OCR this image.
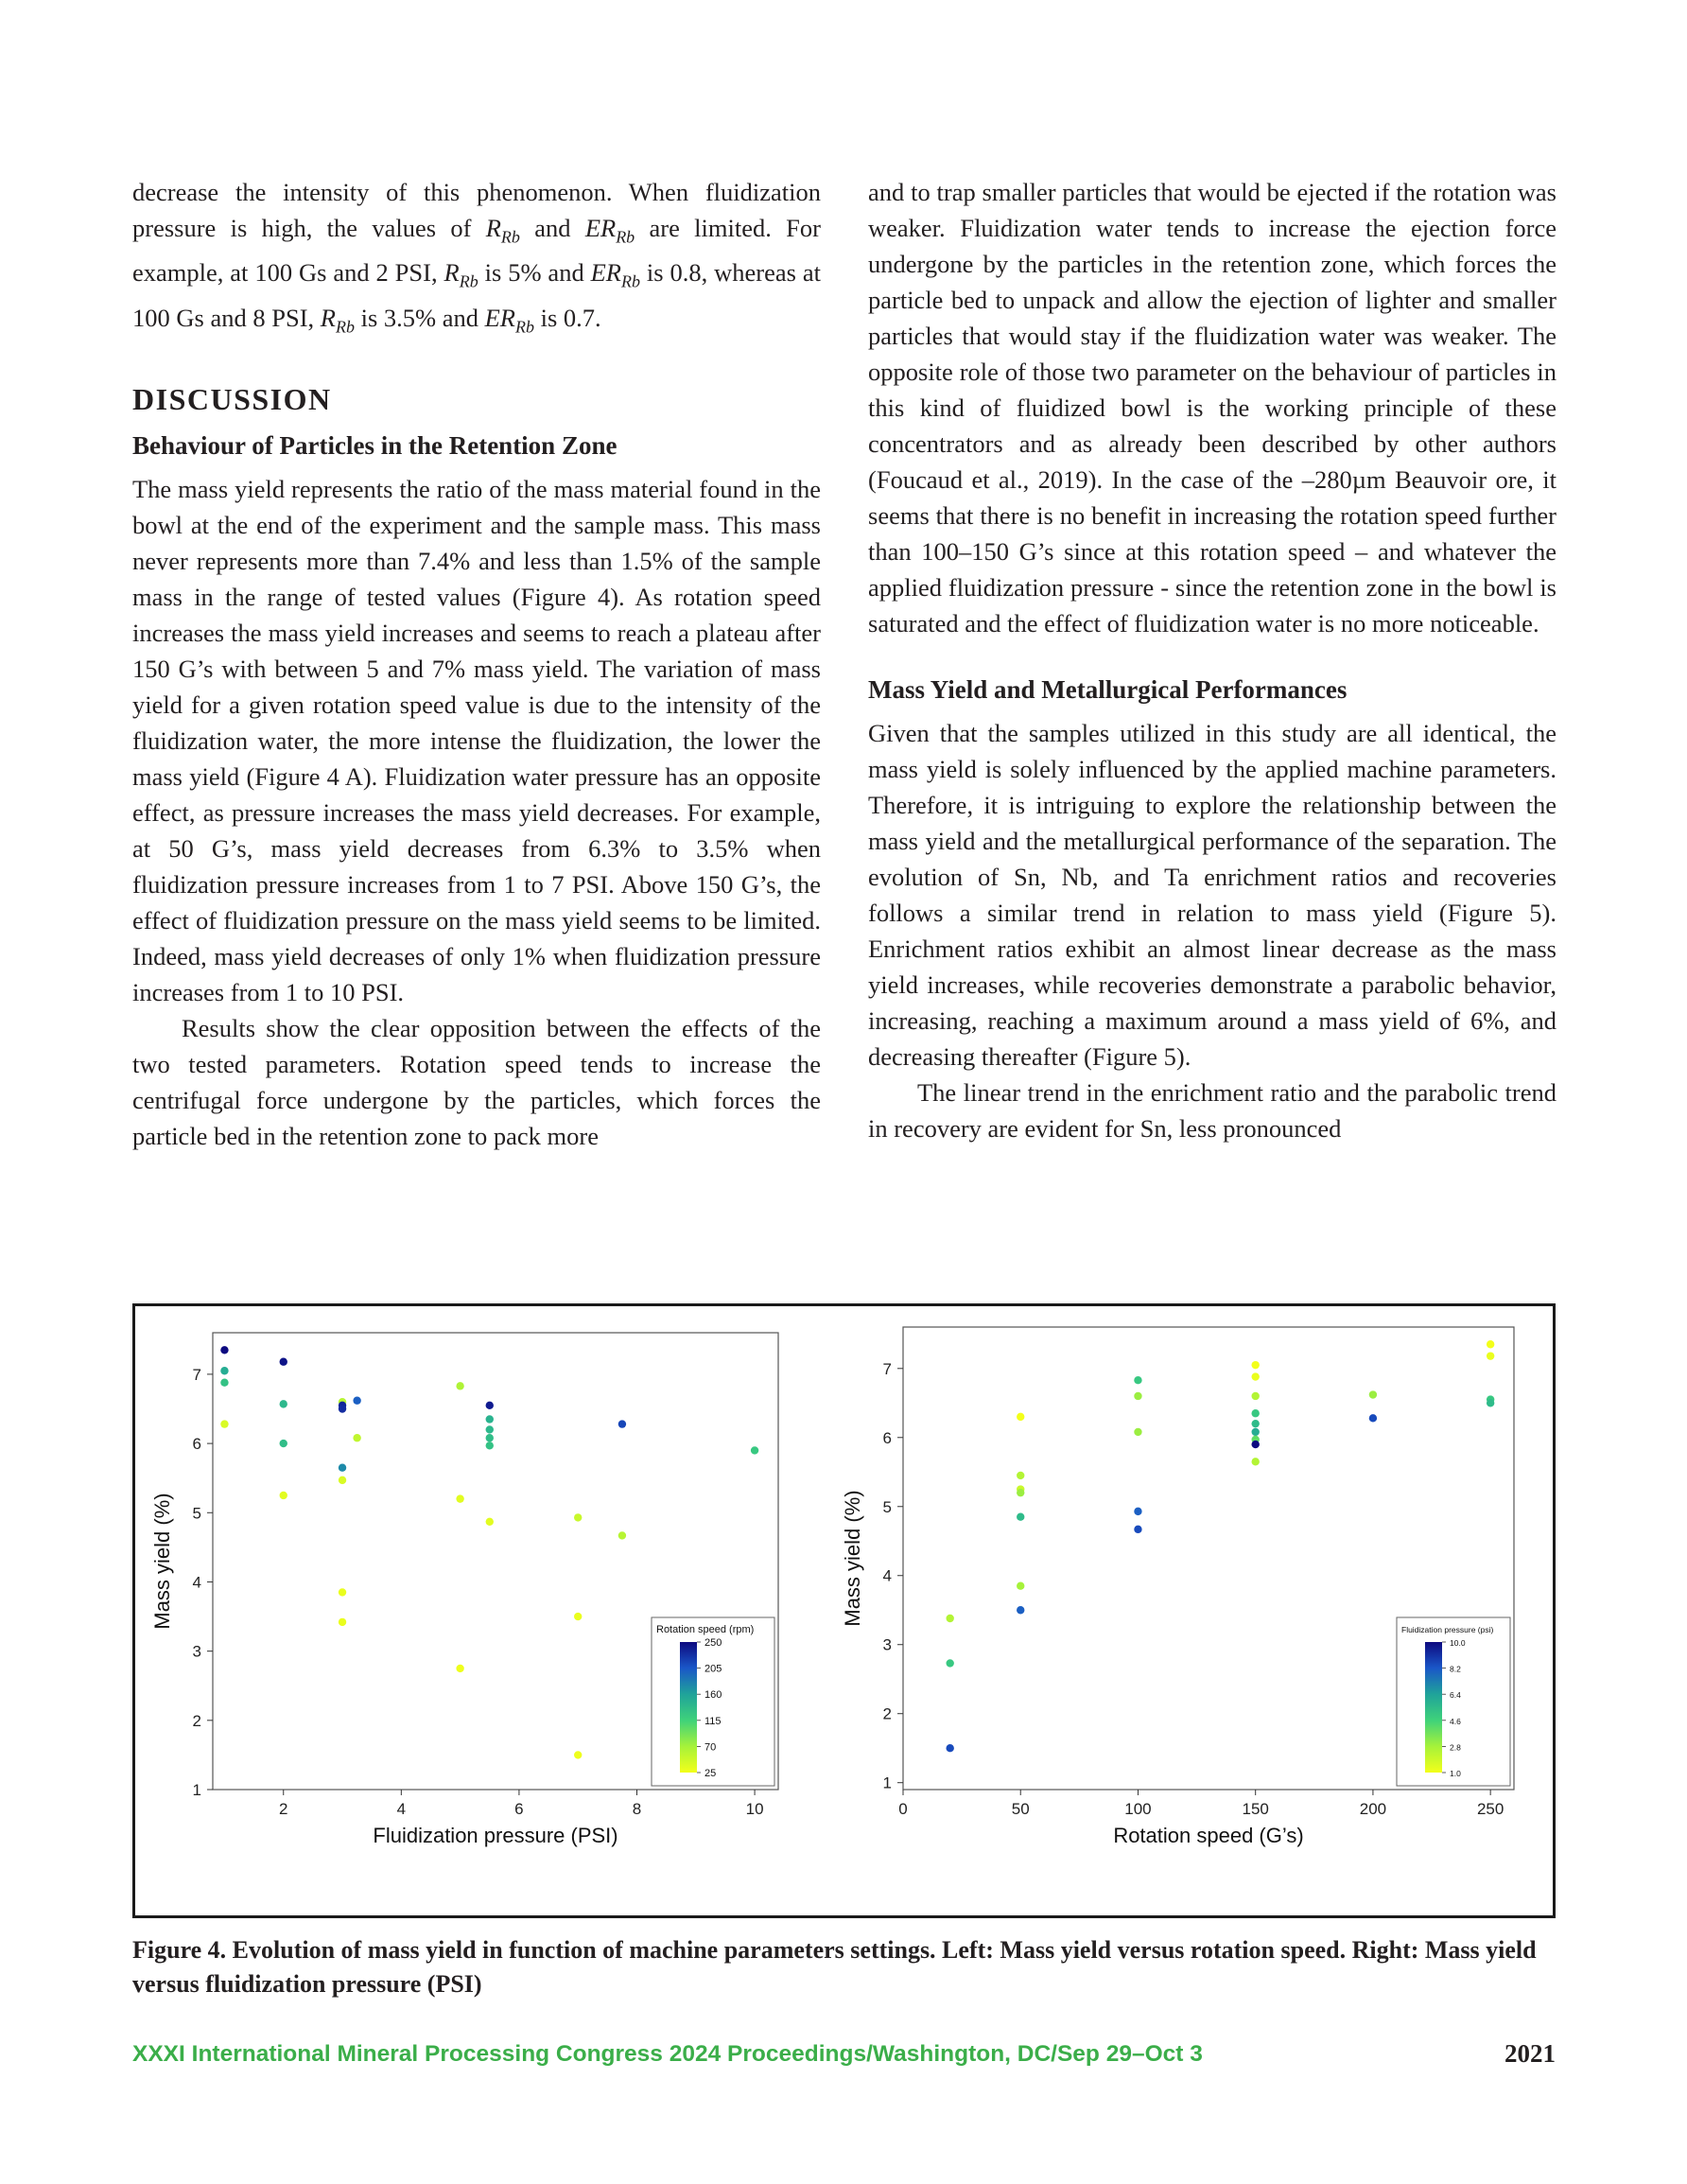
decrease the intensity of this phenomenon. When fluidization pressure is high, the values of $R_{Rb}$ and $ER_{Rb}$ are limited. For example, at 100 Gs and 2 PSI, $R_{Rb}$ is 5% and $ER_{Rb}$ is 0.8, whereas at 100 Gs and 8 PSI, $R_{Rb}$ is 3.5% and $ER_{Rb}$ is 0.7.

DISCUSSION
Behaviour of Particles in the Retention Zone

The mass yield represents the ratio of the mass material found in the bowl at the end of the experiment and the sample mass. This mass never represents more than 7.4% and less than 1.5% of the sample mass in the range of tested values (Figure 4). As rotation speed increases the mass yield increases and seems to reach a plateau after 150 G’s with between 5 and 7% mass yield. The variation of mass yield for a given rotation speed value is due to the intensity of the fluidization water, the more intense the fluidization, the lower the mass yield (Figure 4 A). Fluidization water pressure has an opposite effect, as pressure increases the mass yield decreases. For example, at 50 G’s, mass yield decreases from 6.3% to 3.5% when fluidization pressure increases from 1 to 7 PSI. Above 150 G’s, the effect of fluidization pressure on the mass yield seems to be limited. Indeed, mass yield decreases of only 1% when fluidization pressure increases from 1 to 10 PSI.

Results show the clear opposition between the effects of the two tested parameters. Rotation speed tends to increase the centrifugal force undergone by the particles, which forces the particle bed in the retention zone to pack more

and to trap smaller particles that would be ejected if the rotation was weaker. Fluidization water tends to increase the ejection force undergone by the particles in the retention zone, which forces the particle bed to unpack and allow the ejection of lighter and smaller particles that would stay if the fluidization water was weaker. The opposite role of those two parameter on the behaviour of particles in this kind of fluidized bowl is the working principle of these concentrators and as already been described by other authors (Foucaud et al., 2019). In the case of the –280µm Beauvoir ore, it seems that there is no benefit in increasing the rotation speed further than 100–150 G’s since at this rotation speed – and whatever the applied fluidization pressure - since the retention zone in the bowl is saturated and the effect of fluidization water is no more noticeable.

Mass Yield and Metallurgical Performances

Given that the samples utilized in this study are all identical, the mass yield is solely influenced by the applied machine parameters. Therefore, it is intriguing to explore the relationship between the mass yield and the metallurgical performance of the separation. The evolution of Sn, Nb, and Ta enrichment ratios and recoveries follows a similar trend in relation to mass yield (Figure 5). Enrichment ratios exhibit an almost linear decrease as the mass yield increases, while recoveries demonstrate a parabolic behavior, increasing, reaching a maximum around a mass yield of 6%, and decreasing thereafter (Figure 5).

The linear trend in the enrichment ratio and the parabolic trend in recovery are evident for Sn, less pronounced

2	4	6	8	10
1
2
3
4
5
6
7
Fluidization pressure (PSI)
Mass yield (%)
Rotation speed (rpm)
25
70
115
160
205
250
0	50	100	150	200	250
1
2
3
4
5
6
7
Rotation speed (G’s)
Mass yield (%)
Fluidization pressure (psi)
1.0
2.8
4.6
6.4
8.2
10.0
Figure 4. Evolution of mass yield in function of machine parameters settings. Left: Mass yield versus rotation speed. Right: Mass yield versus fluidization pressure (PSI)
XXXI International Mineral Processing Congress 2024 Proceedings/Washington, DC/Sep 29–Oct 3	2021
